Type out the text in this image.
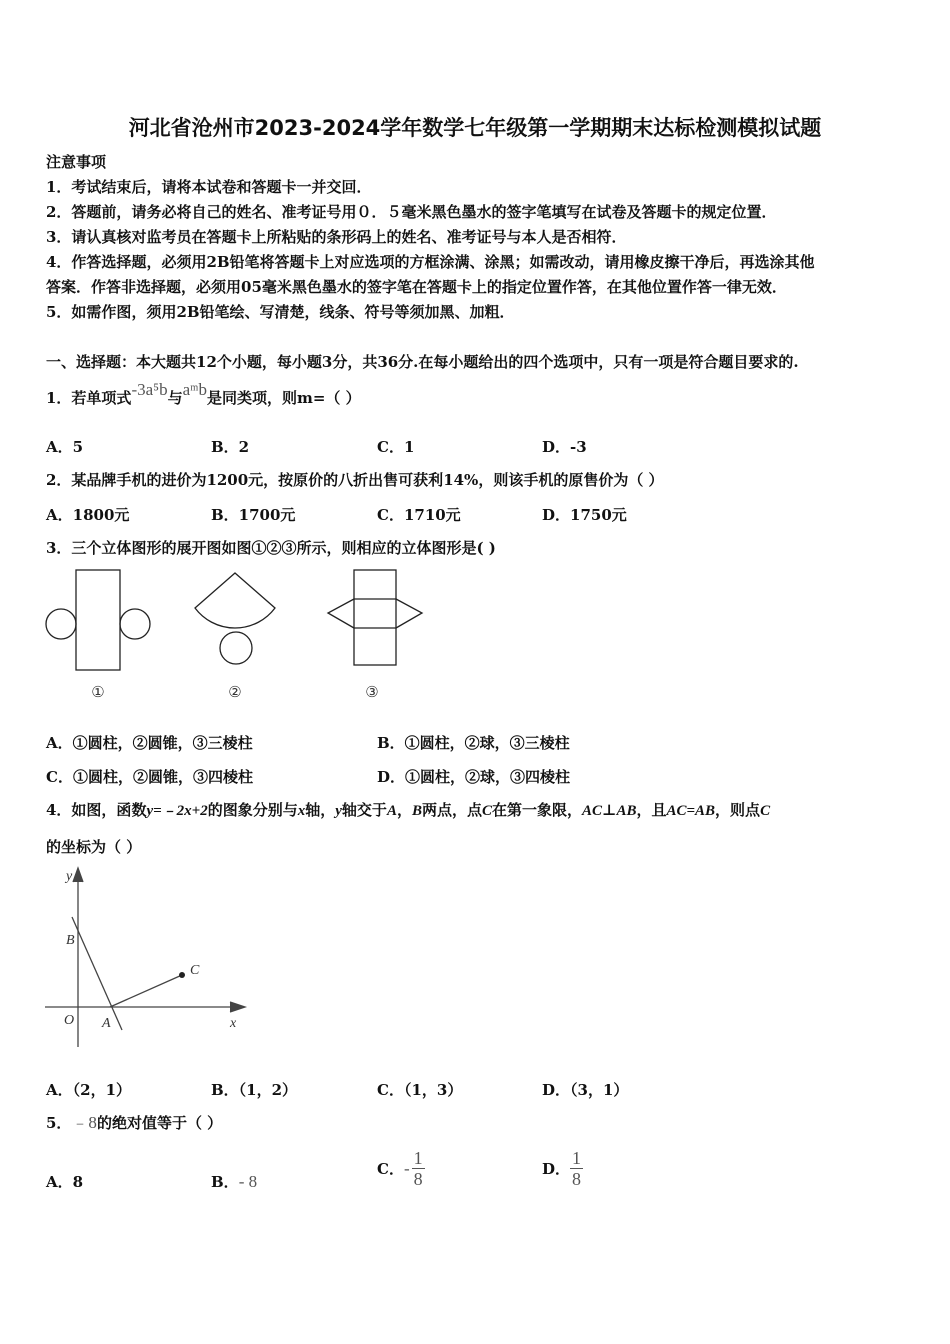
河北省沧州市2023-2024学年数学七年级第一学期期末达标检测模拟试题
注意事项
1．考试结束后，请将本试卷和答题卡一并交回．
2．答题前，请务必将自己的姓名、准考证号用０．５毫米黑色墨水的签字笔填写在试卷及答题卡的规定位置．
3．请认真核对监考员在答题卡上所粘贴的条形码上的姓名、准考证号与本人是否相符．
4．作答选择题，必须用2B铅笔将答题卡上对应选项的方框涂满、涂黑；如需改动，请用橡皮擦干净后，再选涂其他
答案．作答非选择题，必须用05毫米黑色墨水的签字笔在答题卡上的指定位置作答，在其他位置作答一律无效．
5．如需作图，须用2B铅笔绘、写清楚，线条、符号等须加黑、加粗．
一、选择题：本大题共12个小题，每小题3分，共36分.在每小题给出的四个选项中，只有一项是符合题目要求的.
1．若单项式-3a⁵b与aᵐb是同类项，则m=（ ）
A．5	B．2	C．1	D．-3
2．某品牌手机的进价为1200元，按原价的八折出售可获利14%，则该手机的原售价为（ ）
A．1800元	B．1700元	C．1710元	D．1750元
3．三个立体图形的展开图如图①②③所示，则相应的立体图形是( )
①	②	③
A．①圆柱，②圆锥，③三棱柱	B．①圆柱，②球，③三棱柱
C．①圆柱，②圆锥，③四棱柱	D．①圆柱，②球，③四棱柱
4．如图，函数y=﹣2x+2的图象分别与x轴，y轴交于A，B两点，点C在第一象限，AC⊥AB，且AC=AB，则点C
的坐标为（ ）
y
x
O A
B
C
A．（2，1）	B．（1，2）	C．（1，3）	D．（3，1）
5．﹣8的绝对值等于（ ）
A．8	B．- 8
C．- $\frac{1}{8}$	D． $\frac{1}{8}$
